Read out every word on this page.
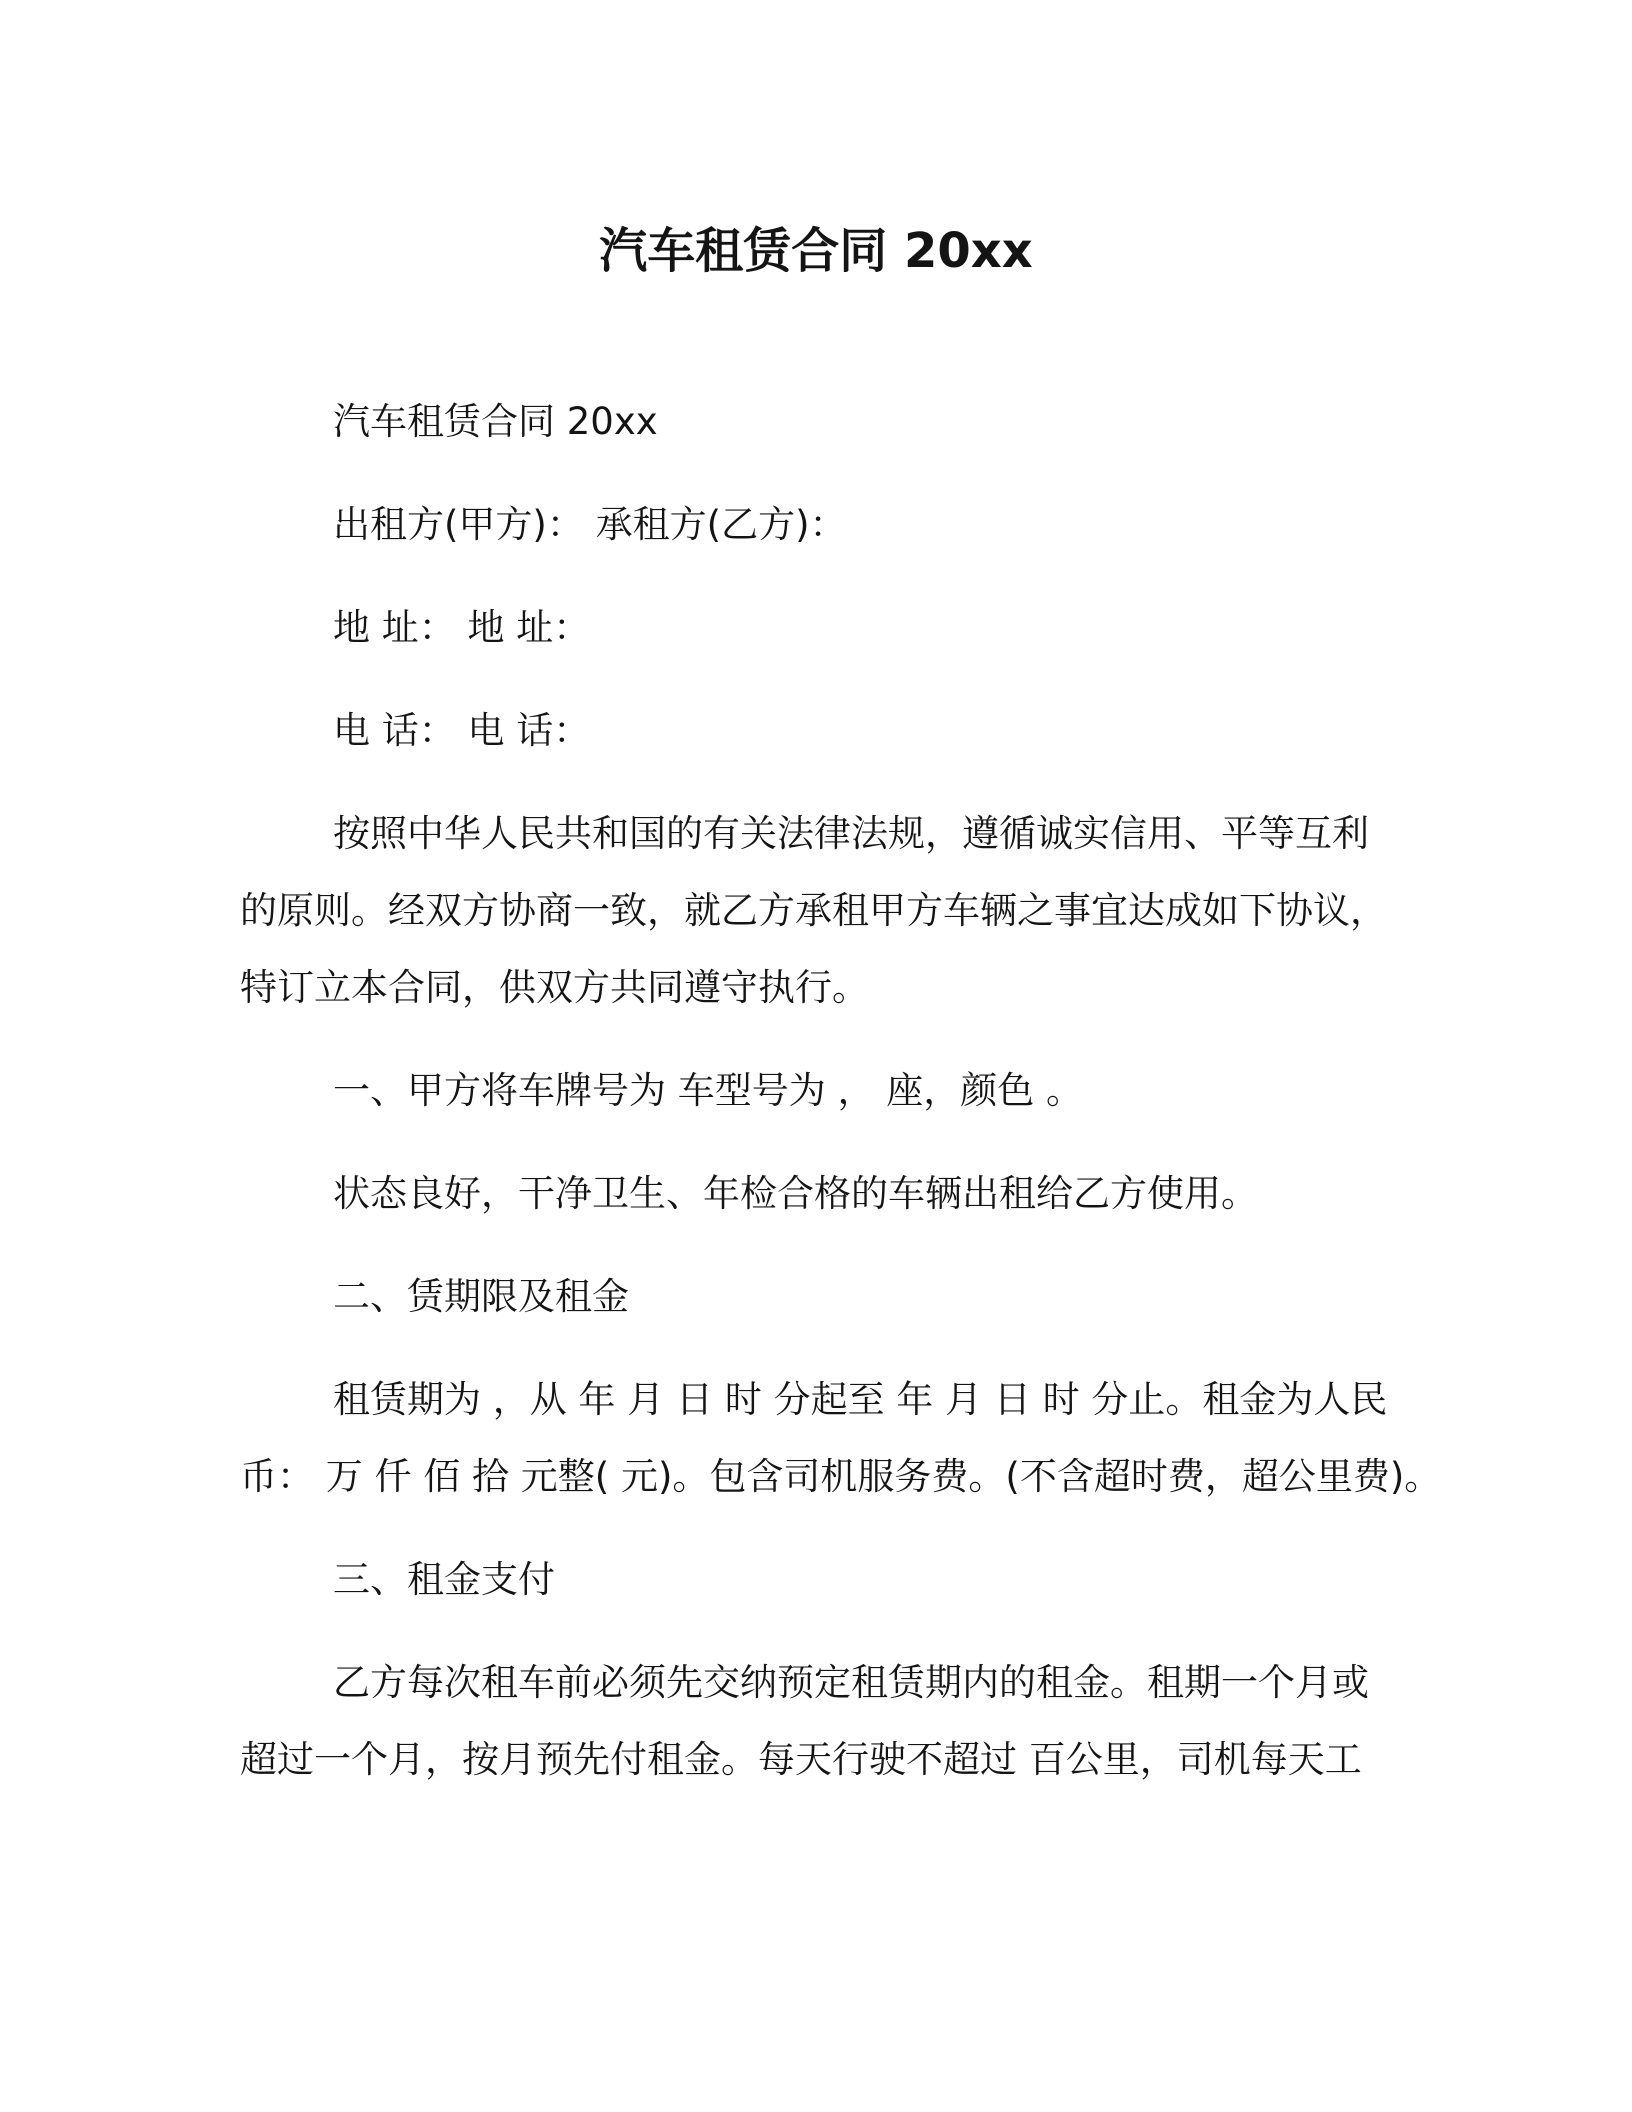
汽车租赁合同 20xx
汽车租赁合同 20xx
出租方(甲方)： 承租方(乙方)：
地 址： 地 址：
电 话： 电 话：
按照中华人民共和国的有关法律法规，遵循诚实信用、平等互利
的原则。经双方协商一致，就乙方承租甲方车辆之事宜达成如下协议，
特订立本合同，供双方共同遵守执行。
一、甲方将车牌号为 车型号为 ， 座，颜色 。
状态良好，干净卫生、年检合格的车辆出租给乙方使用。
二、赁期限及租金
租赁期为 ，从 年 月 日 时 分起至 年 月 日 时 分止。租金为人民
币： 万 仟 佰 拾 元整( 元)。包含司机服务费。(不含超时费，超公里费)。
三、租金支付
乙方每次租车前必须先交纳预定租赁期内的租金。租期一个月或
超过一个月，按月预先付租金。每天行驶不超过 百公里，司机每天工
